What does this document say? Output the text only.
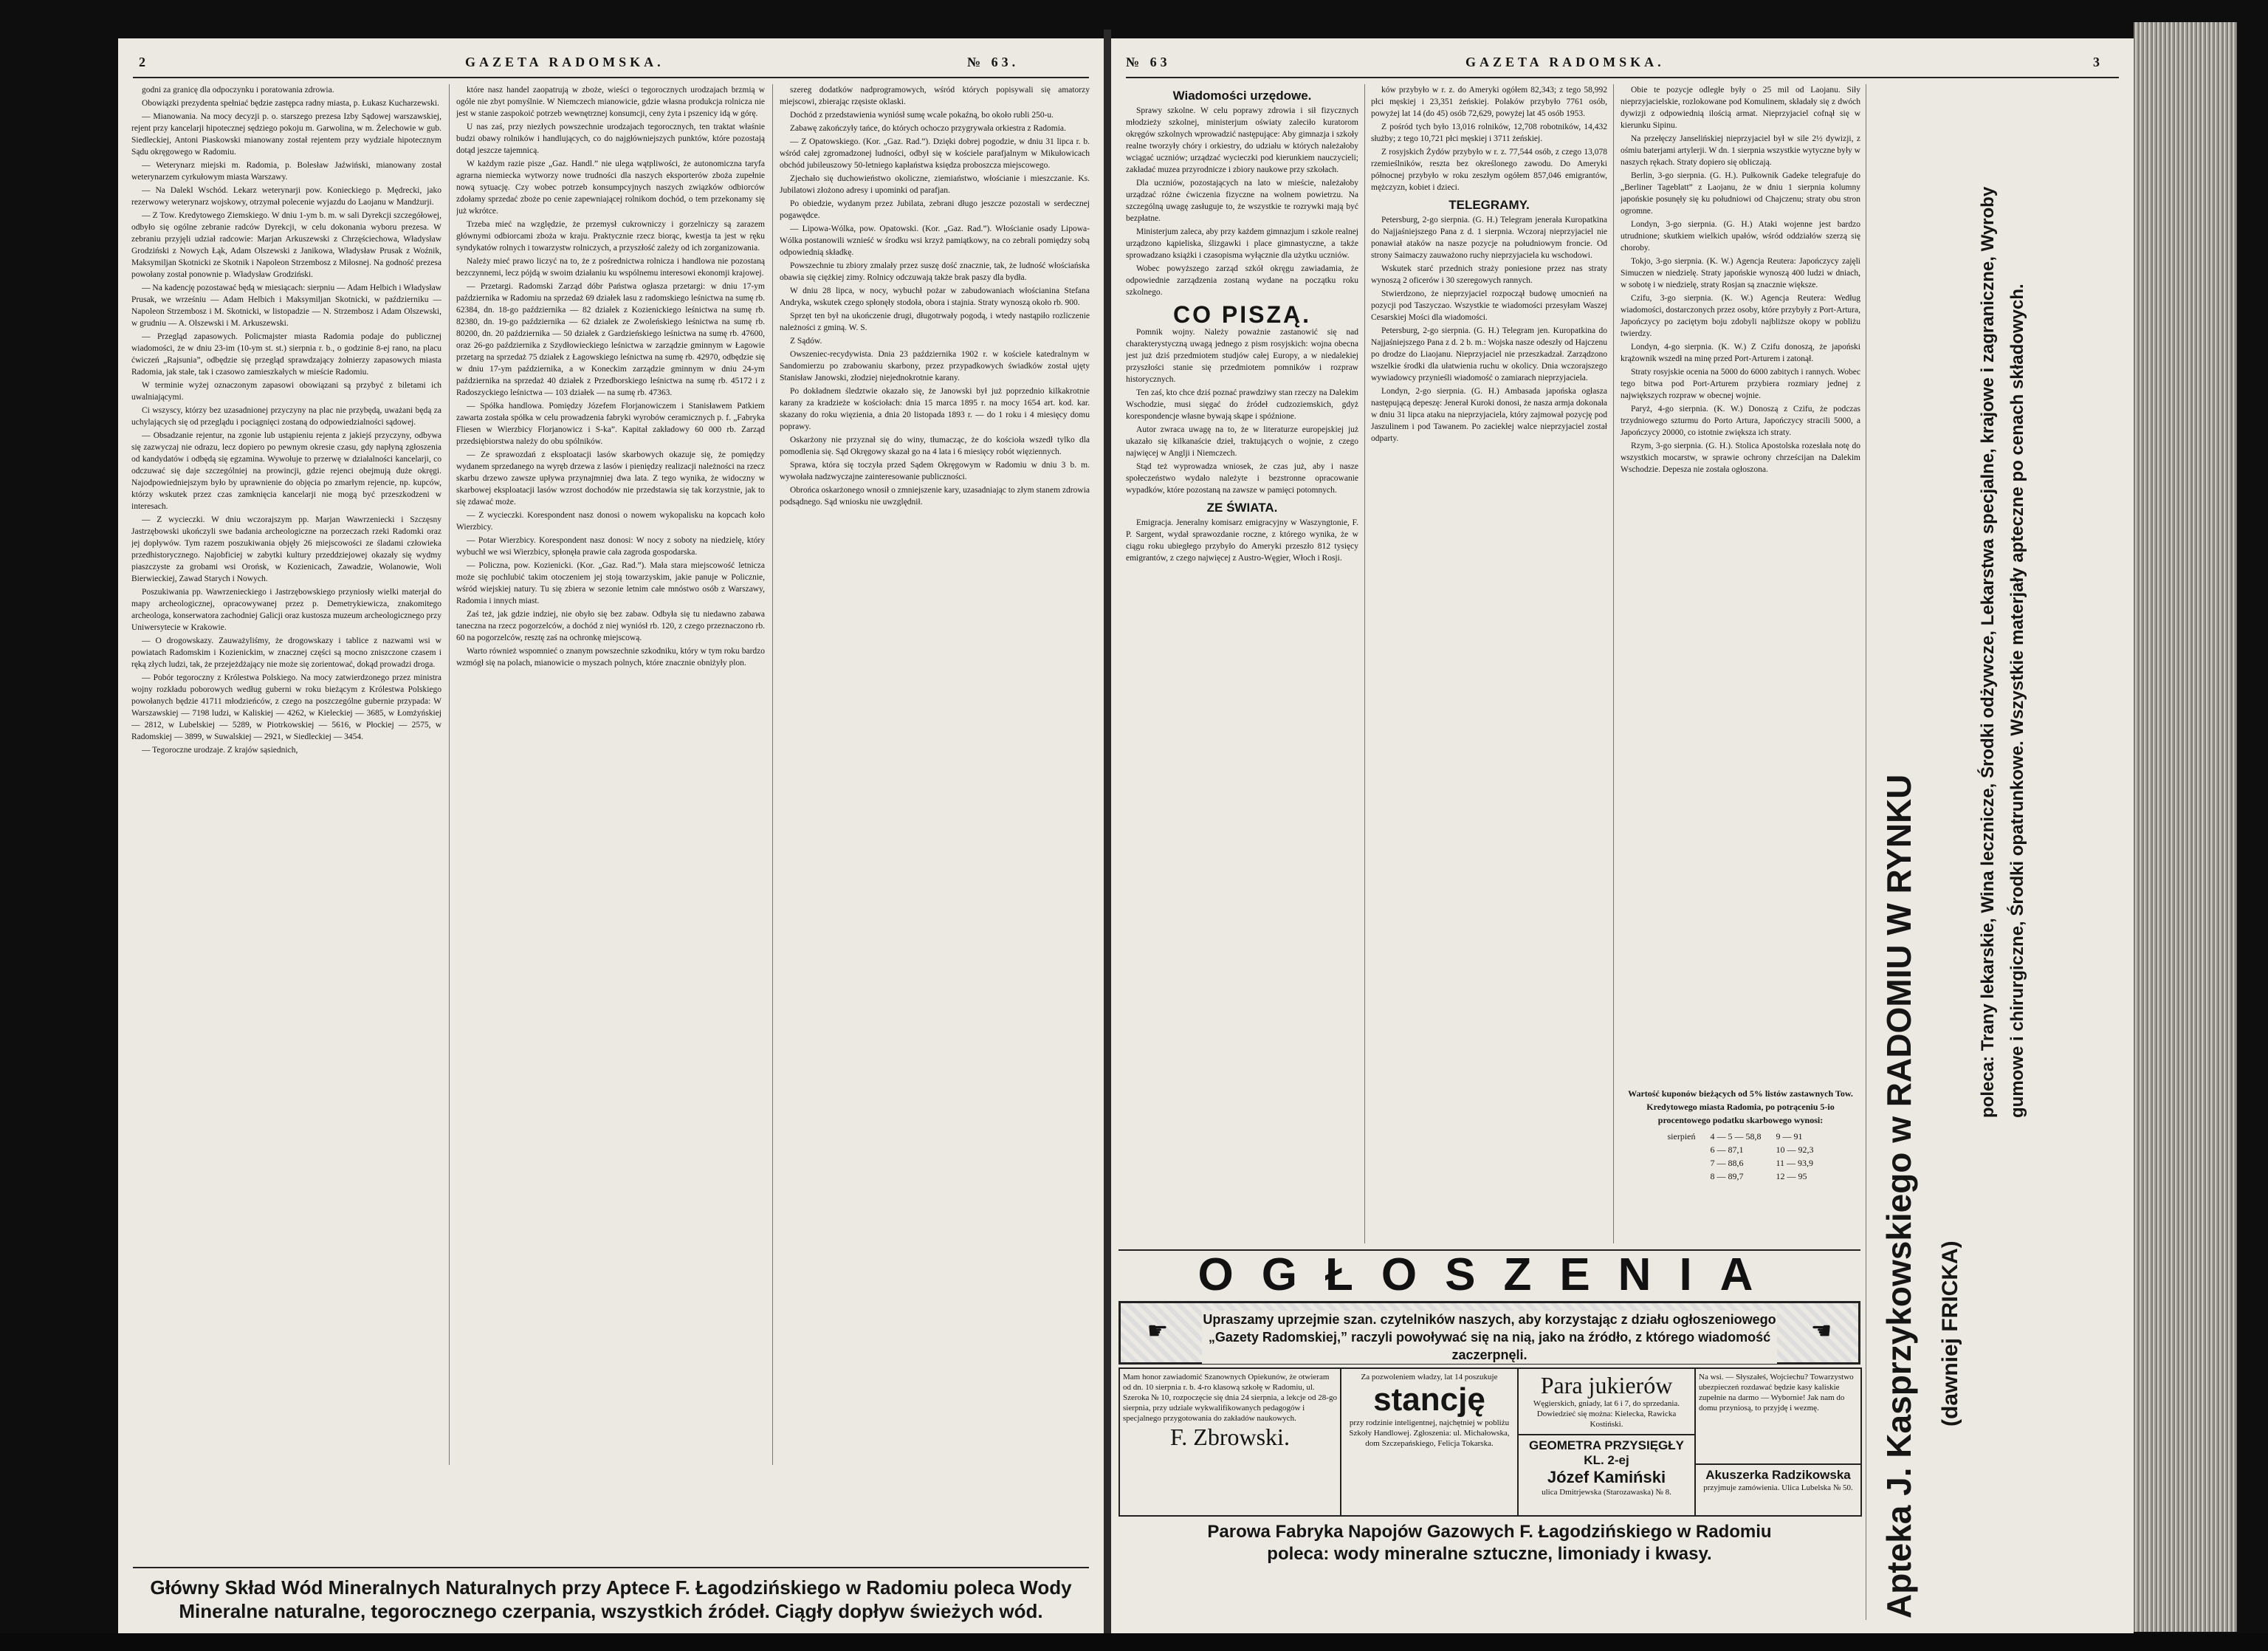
2	GAZETA RADOMSKA.	№ 63.

godni za granicę dla odpoczynku i poratowania zdrowia.

Obowiązki prezydenta spełniać będzie zastępca radny miasta, p. Łukasz Kucharzewski.

— Mianowania. Na mocy decyzji p. o. starszego prezesa Izby Sądowej warszawskiej, rejent przy kancelarji hipotecznej sędziego pokoju m. Garwolina, w m. Żelechowie w gub. Siedleckiej, Antoni Piaskowski mianowany został rejentem przy wydziale hipotecznym Sądu okręgowego w Radomiu.

— Weterynarz miejski m. Radomia, p. Bolesław Jaźwiński, mianowany został weterynarzem cyrkułowym miasta Warszawy.

— Na Dalekl Wschód. Lekarz weterynarji pow. Konieckiego p. Mędrecki, jako rezerwowy weterynarz wojskowy, otrzymał polecenie wyjazdu do Laojanu w Mandżurji.

— Z Tow. Kredytowego Ziemskiego. W dniu 1-ym b. m. w sali Dyrekcji szczegółowej, odbyło się ogólne zebranie radców Dyrekcji, w celu dokonania wyboru prezesa. W zebraniu przyjęli udział radcowie: Marjan Arkuszewski z Chrzęściechowa, Władysław Grodziński z Nowych Łąk, Adam Olszewski z Janikowa, Władysław Prusak z Woźnik, Maksymiljan Skotnicki ze Skotnik i Napoleon Strzembosz z Miłosnej. Na godność prezesa powołany został ponownie p. Władysław Grodziński.

— Na kadencję pozostawać będą w miesiącach: sierpniu — Adam Helbich i Władysław Prusak, we wrześniu — Adam Helbich i Maksymiljan Skotnicki, w październiku — Napoleon Strzembosz i M. Skotnicki, w listopadzie — N. Strzembosz i Adam Olszewski, w grudniu — A. Olszewski i M. Arkuszewski.

— Przegląd zapasowych. Policmajster miasta Radomia podaje do publicznej wiadomości, że w dniu 23-im (10-ym st. st.) sierpnia r. b., o godzinie 8-ej rano, na placu ćwiczeń „Rajsunia”, odbędzie się przegląd sprawdzający żołnierzy zapasowych miasta Radomia, jak stałe, tak i czasowo zamieszkałych w mieście Radomiu.

W terminie wyżej oznaczonym zapasowi obowiązani są przybyć z biletami ich uwalniającymi.

Ci wszyscy, którzy bez uzasadnionej przyczyny na plac nie przybędą, uważani będą za uchylających się od przeglądu i pociągnięci zostaną do odpowiedzialności sądowej.

— Obsadzanie rejentur, na zgonie lub ustąpieniu rejenta z jakiejś przyczyny, odbywa się zazwyczaj nie odrazu, lecz dopiero po pewnym okresie czasu, gdy napłyną zgłoszenia od kandydatów i odbędą się egzamina. Wywołuje to przerwę w działalności kancelarji, co odczuwać się daje szczególniej na prowincji, gdzie rejenci obejmują duże okręgi. Najodpowiedniejszym było by uprawnienie do objęcia po zmarłym rejencie, np. kupców, którzy wskutek przez czas zamknięcia kancelarji nie mogą być przeszkodzeni w interesach.

— Z wycieczki. W dniu wczorajszym pp. Marjan Wawrzeniecki i Szczęsny Jastrzębowski ukończyli swe badania archeologiczne na porzeczach rzeki Radomki oraz jej dopływów. Tym razem poszukiwania objęły 26 miejscowości ze śladami człowieka przedhistorycznego. Najobficiej w zabytki kultury przeddziejowej okazały się wydmy piaszczyste za grobami wsi Orońsk, w Kozienicach, Zawadzie, Wolanowie, Woli Bierwieckiej, Zawad Starych i Nowych.

Poszukiwania pp. Wawrzenieckiego i Jastrzębowskiego przyniosły wielki materjał do mapy archeologicznej, opracowywanej przez p. Demetrykiewicza, znakomitego archeologa, konserwatora zachodniej Galicji oraz kustosza muzeum archeologicznego przy Uniwersytecie w Krakowie.

— O drogowskazy. Zauważyliśmy, że drogowskazy i tablice z nazwami wsi w powiatach Radomskim i Kozienickim, w znacznej części są mocno zniszczone czasem i ręką złych ludzi, tak, że przejeżdżający nie może się zorientować, dokąd prowadzi droga.

— Pobór tegoroczny z Królestwa Polskiego. Na mocy zatwierdzonego przez ministra wojny rozkładu poborowych według guberni w roku bieżącym z Królestwa Polskiego powołanych będzie 41711 młodzieńców, z czego na poszczególne gubernie przypada: W Warszawskiej — 7198 ludzi, w Kaliskiej — 4262, w Kieleckiej — 3685, w Łomżyńskiej — 2812, w Lubelskiej — 5289, w Piotrkowskiej — 5616, w Płockiej — 2575, w Radomskiej — 3899, w Suwalskiej — 2921, w Siedleckiej — 3454.

— Tegoroczne urodzaje. Z krajów sąsiednich,

które nasz handel zaopatrują w zboże, wieści o tegorocznych urodzajach brzmią w ogóle nie zbyt pomyślnie. W Niemczech mianowicie, gdzie własna produkcja rolnicza nie jest w stanie zaspokoić potrzeb wewnętrznej konsumcji, ceny żyta i pszenicy idą w górę.

U nas zaś, przy niezłych powszechnie urodzajach tegorocznych, ten traktat właśnie budzi obawy rolników i handlujących, co do najgłówniejszych punktów, które pozostają dotąd jeszcze tajemnicą.

W każdym razie pisze „Gaz. Handl.” nie ulega wątpliwości, że autonomiczna taryfa agrarna niemiecka wytworzy nowe trudności dla naszych eksporterów zboża zupełnie nową sytuację. Czy wobec potrzeb konsumpcyjnych naszych związków odbiorców zdołamy sprzedać zboże po cenie zapewniającej rolnikom dochód, o tem przekonamy się już wkrótce.

Trzeba mieć na względzie, że przemysł cukrowniczy i gorzelniczy są zarazem głównymi odbiorcami zboża w kraju. Praktycznie rzecz biorąc, kwestja ta jest w ręku syndykatów rolnych i towarzystw rolniczych, a przyszłość zależy od ich zorganizowania.

Należy mieć prawo liczyć na to, że z pośrednictwa rolnicza i handlowa nie pozostaną bezczynnemi, lecz pójdą w swoim działaniu ku wspólnemu interesowi ekonomji krajowej.

— Przetargi. Radomski Zarząd dóbr Państwa ogłasza przetargi: w dniu 17-ym października w Radomiu na sprzedaż 69 działek lasu z radomskiego leśnictwa na sumę rb. 62384, dn. 18-go października — 82 działek z Kozienickiego leśnictwa na sumę rb. 82380, dn. 19-go października — 62 działek ze Zwoleńskiego leśnictwa na sumę rb. 80200, dn. 20 października — 50 działek z Gardzieńskiego leśnictwa na sumę rb. 47600, oraz 26-go października z Szydłowieckiego leśnictwa w zarządzie gminnym w Łagowie przetarg na sprzedaż 75 działek z Łagowskiego leśnictwa na sumę rb. 42970, odbędzie się w dniu 17-ym października, a w Koneckim zarządzie gminnym w dniu 24-ym października na sprzedaż 40 działek z Przedborskiego leśnictwa na sumę rb. 45172 i z Radoszyckiego leśnictwa — 103 działek — na sumę rb. 47363.

— Spółka handlowa. Pomiędzy Józefem Florjanowiczem i Stanisławem Patkiem zawarta została spółka w celu prowadzenia fabryki wyrobów ceramicznych p. f. „Fabryka Fliesen w Wierzbicy Florjanowicz i S-ka”. Kapitał zakładowy 60 000 rb. Zarząd przedsiębiorstwa należy do obu spólników.

— Ze sprawozdań z eksploatacji lasów skarbowych okazuje się, że pomiędzy wydanem sprzedanego na wyręb drzewa z lasów i pieniędzy realizacji należności na rzecz skarbu drzewo zawsze upływa przynajmniej dwa lata. Z tego wynika, że widoczny w skarbowej eksploatacji lasów wzrost dochodów nie przedstawia się tak korzystnie, jak to się zdawać może.

— Z wycieczki. Korespondent nasz donosi o nowem wykopalisku na kopcach koło Wierzbicy.

— Potar Wierzbicy. Korespondent nasz donosi: W nocy z soboty na niedzielę, który wybuchł we wsi Wierzbicy, spłonęła prawie cała zagroda gospodarska.

— Policzna, pow. Kozienicki. (Kor. „Gaz. Rad.”). Mała stara miejscowość letnicza może się pochlubić takim otoczeniem jej stoją towarzyskim, jakie panuje w Policznie, wśród wiejskiej natury. Tu się zbiera w sezonie letnim całe mnóstwo osób z Warszawy, Radomia i innych miast.

Zaś też, jak gdzie indziej, nie obyło się bez zabaw. Odbyła się tu niedawno zabawa taneczna na rzecz pogorzelców, a dochód z niej wyniósł rb. 120, z czego przeznaczono rb. 60 na pogorzelców, resztę zaś na ochronkę miejscową.

Warto również wspomnieć o znanym powszechnie szkodniku, który w tym roku bardzo wzmógł się na polach, mianowicie o myszach polnych, które znacznie obniżyły plon.

szereg dodatków nadprogramowych, wśród których popisywali się amatorzy miejscowi, zbierając rzęsiste oklaski.

Dochód z przedstawienia wyniósł sumę wcale pokaźną, bo około rubli 250-u.

Zabawę zakończyły tańce, do których ochoczo przygrywała orkiestra z Radomia.

— Z Opatowskiego. (Kor. „Gaz. Rad.”). Dzięki dobrej pogodzie, w dniu 31 lipca r. b. wśród całej zgromadzonej ludności, odbył się w kościele parafjalnym w Mikułowicach obchód jubileuszowy 50-letniego kapłaństwa księdza proboszcza miejscowego.

Zjechało się duchowieństwo okoliczne, ziemiaństwo, włościanie i mieszczanie. Ks. Jubilatowi złożono adresy i upominki od parafjan.

Po obiedzie, wydanym przez Jubilata, zebrani długo jeszcze pozostali w serdecznej pogawędce.

— Lipowa-Wólka, pow. Opatowski. (Kor. „Gaz. Rad.”). Włościanie osady Lipowa-Wólka postanowili wznieść w środku wsi krzyż pamiątkowy, na co zebrali pomiędzy sobą odpowiednią składkę.

Powszechnie tu zbiory zmalały przez suszę dość znacznie, tak, że ludność włościańska obawia się ciężkiej zimy. Rolnicy odczuwają także brak paszy dla bydła.

W dniu 28 lipca, w nocy, wybuchł pożar w zabudowaniach włościanina Stefana Andryka, wskutek czego spłonęły stodoła, obora i stajnia. Straty wynoszą około rb. 900.

Sprzęt ten był na ukończenie drugi, długotrwały pogodą, i wtedy nastąpiło rozliczenie należności z gminą. W. S.

Z Sądów.

Owszeniec-recydywista. Dnia 23 października 1902 r. w kościele katedralnym w Sandomierzu po zrabowaniu skarbony, przez przypadkowych świadków został ujęty Stanisław Janowski, złodziej niejednokrotnie karany.

Po dokładnem śledztwie okazało się, że Janowski był już poprzednio kilkakrotnie karany za kradzieże w kościołach: dnia 15 marca 1895 r. na mocy 1654 art. kod. kar. skazany do roku więzienia, a dnia 20 listopada 1893 r. — do 1 roku i 4 miesięcy domu poprawy.

Oskarżony nie przyznał się do winy, tłumacząc, że do kościoła wszedł tylko dla pomodlenia się. Sąd Okręgowy skazał go na 4 lata i 6 miesięcy robót więziennych.

Sprawa, która się toczyła przed Sądem Okręgowym w Radomiu w dniu 3 b. m. wywołała nadzwyczajne zainteresowanie publiczności.

Obrońca oskarżonego wnosił o zmniejszenie kary, uzasadniając to złym stanem zdrowia podsądnego. Sąd wniosku nie uwzględnił.

Główny Skład Wód Mineralnych Naturalnych przy Aptece F. Łagodzińskiego w Radomiu poleca Wody
Mineralne naturalne, tegorocznego czerpania, wszystkich źródeł. Ciągły dopływ świeżych wód.
№ 63	GAZETA RADOMSKA.	3
Wiadomości urzędowe.

Sprawy szkolne. W celu poprawy zdrowia i sił fizycznych młodzieży szkolnej, ministerjum oświaty zaleciło kuratorom okręgów szkolnych wprowadzić następujące: Aby gimnazja i szkoły realne tworzyły chóry i orkiestry, do udziału w których należałoby wciągać uczniów; urządzać wycieczki pod kierunkiem nauczycieli; zakładać muzea przyrodnicze i zbiory naukowe przy szkołach.

Dla uczniów, pozostających na lato w mieście, należałoby urządzać różne ćwiczenia fizyczne na wolnem powietrzu. Na szczególną uwagę zasługuje to, że wszystkie te rozrywki mają być bezpłatne.

Ministerjum zaleca, aby przy każdem gimnazjum i szkole realnej urządzono kąpieliska, ślizgawki i place gimnastyczne, a także sprowadzano książki i czasopisma wyłącznie dla użytku uczniów.

Wobec powyższego zarząd szkół okręgu zawiadamia, że odpowiednie zarządzenia zostaną wydane na początku roku szkolnego.

CO PISZĄ.

Pomnik wojny. Należy poważnie zastanowić się nad charakterystyczną uwagą jednego z pism rosyjskich: wojna obecna jest już dziś przedmiotem studjów całej Europy, a w niedalekiej przyszłości stanie się przedmiotem pomników i rozpraw historycznych.

Ten zaś, kto chce dziś poznać prawdziwy stan rzeczy na Dalekim Wschodzie, musi sięgać do źródeł cudzoziemskich, gdyż korespondencje własne bywają skąpe i spóźnione.

Autor zwraca uwagę na to, że w literaturze europejskiej już ukazało się kilkanaście dzieł, traktujących o wojnie, z czego najwięcej w Anglji i Niemczech.

Stąd też wyprowadza wniosek, że czas już, aby i nasze społeczeństwo wydało należyte i bezstronne opracowanie wypadków, które pozostaną na zawsze w pamięci potomnych.

ZE ŚWIATA.

Emigracja. Jeneralny komisarz emigracyjny w Waszyngtonie, F. P. Sargent, wydał sprawozdanie roczne, z którego wynika, że w ciągu roku ubiegłego przybyło do Ameryki przeszło 812 tysięcy emigrantów, z czego najwięcej z Austro-Węgier, Włoch i Rosji.

ków przybyło w r. z. do Ameryki ogółem 82,343; z tego 58,992 płci męskiej i 23,351 żeńskiej. Polaków przybyło 7761 osób, powyżej lat 14 (do 45) osób 72,629, powyżej lat 45 osób 1953.

Z pośród tych było 13,016 rolników, 12,708 robotników, 14,432 służby; z tego 10,721 płci męskiej i 3711 żeńskiej.

Z rosyjskich Żydów przybyło w r. z. 77,544 osób, z czego 13,078 rzemieślników, reszta bez określonego zawodu. Do Ameryki północnej przybyło w roku zeszłym ogółem 857,046 emigrantów, mężczyzn, kobiet i dzieci.

TELEGRAMY.

Petersburg, 2-go sierpnia. (G. H.) Telegram jenerała Kuropatkina do Najjaśniejszego Pana z d. 1 sierpnia. Wczoraj nieprzyjaciel nie ponawiał ataków na nasze pozycje na południowym froncie. Od strony Saimaczy zauważono ruchy nieprzyjaciela ku wschodowi.

Wskutek starć przednich straży poniesione przez nas straty wynoszą 2 oficerów i 30 szeregowych rannych.

Stwierdzono, że nieprzyjaciel rozpoczął budowę umocnień na pozycji pod Taszyczao. Wszystkie te wiadomości przesyłam Waszej Cesarskiej Mości dla wiadomości.

Petersburg, 2-go sierpnia. (G. H.) Telegram jen. Kuropatkina do Najjaśniejszego Pana z d. 2 b. m.: Wojska nasze odeszły od Hajczenu po drodze do Liaojanu. Nieprzyjaciel nie przeszkadzał. Zarządzono wszelkie środki dla ułatwienia ruchu w okolicy. Dnia wczorajszego wywiadowcy przynieśli wiadomość o zamiarach nieprzyjaciela.

Londyn, 2-go sierpnia. (G. H.) Ambasada japońska ogłasza następującą depeszę: Jenerał Kuroki donosi, że nasza armja dokonała w dniu 31 lipca ataku na nieprzyjaciela, który zajmował pozycję pod Jaszulinem i pod Tawanem. Po zaciekłej walce nieprzyjaciel został odparty.

Obie te pozycje odległe były o 25 mil od Laojanu. Siły nieprzyjacielskie, rozlokowane pod Komulinem, składały się z dwóch dywizji z odpowiednią ilością armat. Nieprzyjaciel cofnął się w kierunku Sipinu.

Na przełęczy Janselińskiej nieprzyjaciel był w sile 2½ dywizji, z ośmiu baterjami artylerji. W dn. 1 sierpnia wszystkie wytyczne były w naszych rękach. Straty dopiero się obliczają.

Berlin, 3-go sierpnia. (G. H.). Pułkownik Gadeke telegrafuje do „Berliner Tageblatt” z Laojanu, że w dniu 1 sierpnia kolumny japońskie posunęły się ku południowi od Chajczenu; straty obu stron ogromne.

Londyn, 3-go sierpnia. (G. H.) Ataki wojenne jest bardzo utrudnione; skutkiem wielkich upałów, wśród oddziałów szerzą się choroby.

Tokjo, 3-go sierpnia. (K. W.) Agencja Reutera: Japończycy zajęli Simuczen w niedzielę. Straty japońskie wynoszą 400 ludzi w dniach, w sobotę i w niedzielę, straty Rosjan są znacznie większe.

Czifu, 3-go sierpnia. (K. W.) Agencja Reutera: Według wiadomości, dostarczonych przez osoby, które przybyły z Port-Artura, Japończycy po zaciętym boju zdobyli najbliższe okopy w pobliżu twierdzy.

Londyn, 4-go sierpnia. (K. W.) Z Czifu donoszą, że japoński krążownik wszedł na minę przed Port-Arturem i zatonął.

Straty rosyjskie ocenia na 5000 do 6000 zabitych i rannych. Wobec tego bitwa pod Port-Arturem przybiera rozmiary jednej z największych rozpraw w obecnej wojnie.

Paryż, 4-go sierpnia. (K. W.) Donoszą z Czifu, że podczas trzydniowego szturmu do Porto Artura, Japończycy stracili 5000, a Japończycy 20000, co istotnie zwiększa ich straty.

Rzym, 3-go sierpnia. (G. H.). Stolica Apostolska rozesłała notę do wszystkich mocarstw, w sprawie ochrony chrześcijan na Dalekim Wschodzie. Depesza nie została ogłoszona.	poleca: Trany lekarskie, Wina lecznicze, Środki odżywcze, Lekarstwa specjalne, krajowe i zagraniczne, Wyroby gumowe i chirurgiczne, Środki opatrunkowe. Wszystkie materjały apteczne po cenach składowych.
Wartość kuponów bieżących od 5% listów zastawnych Tow. Kredytowego miasta Radomia, po potrąceniu 5-io procentowego podatku skarbowego wynosi:
sierpień	4 — 5 — 58,8	9 — 91
	6 — 87,1	10 — 92,3
	7 — 88,6	11 — 93,9
	8 — 89,7	12 — 95 Apteka J. Kasprzykowskiego w RADOMIU W RYNKU (dawniej FRICKA)
OGŁOSZENIA
☛	Upraszamy uprzejmie szan. czytelników naszych, aby korzystając z działu ogłoszeniowego „Gazety Radomskiej,” raczyli powoływać się na nią, jako na źródło, z którego wiadomość zaczerpnęli.
☚
Mam honor zawiadomić Szanownych Opiekunów, że otwieram od dn. 10 sierpnia r. b. 4-ro klasową szkołę w Radomiu, ul. Szeroka № 10, rozpoczęcie się dnia 24 sierpnia, a lekcje od 28-go sierpnia, przy udziale wykwalifikowanych pedagogów i specjalnego przygotowania do zakładów naukowych.
F. Zbrowski.
Za pozwoleniem władzy, lat 14 poszukuje
stancję
przy rodzinie inteligentnej, najchętniej w pobliżu Szkoły Handlowej. Zgłoszenia: ul. Michałowska, dom Szczepańskiego, Felicja Tokarska.
Para jukierów
Węgierskich, gniady, lat 6 i 7, do sprzedania. Dowiedzieć się można: Kielecka, Rawicka Kostiński.
GEOMETRA PRZYSIĘGŁY KL. 2-ej
Józef Kamiński
ulica Dmitrjewska (Starozawaska) № 8.
Na wsi. — Słyszałeś, Wojciechu? Towarzystwo ubezpieczeń rozdawać będzie kasy kaliskie zupełnie na darmo — Wybornie! Jak nam do domu przyniosą, to przyjdę i wezmę.
Akuszerka Radzikowska
przyjmuje zamówienia. Ulica Lubelska № 50.
Parowa Fabryka Napojów Gazowych F. Łagodzińskiego w Radomiu
poleca: wody mineralne sztuczne, limoniady i kwasy.
